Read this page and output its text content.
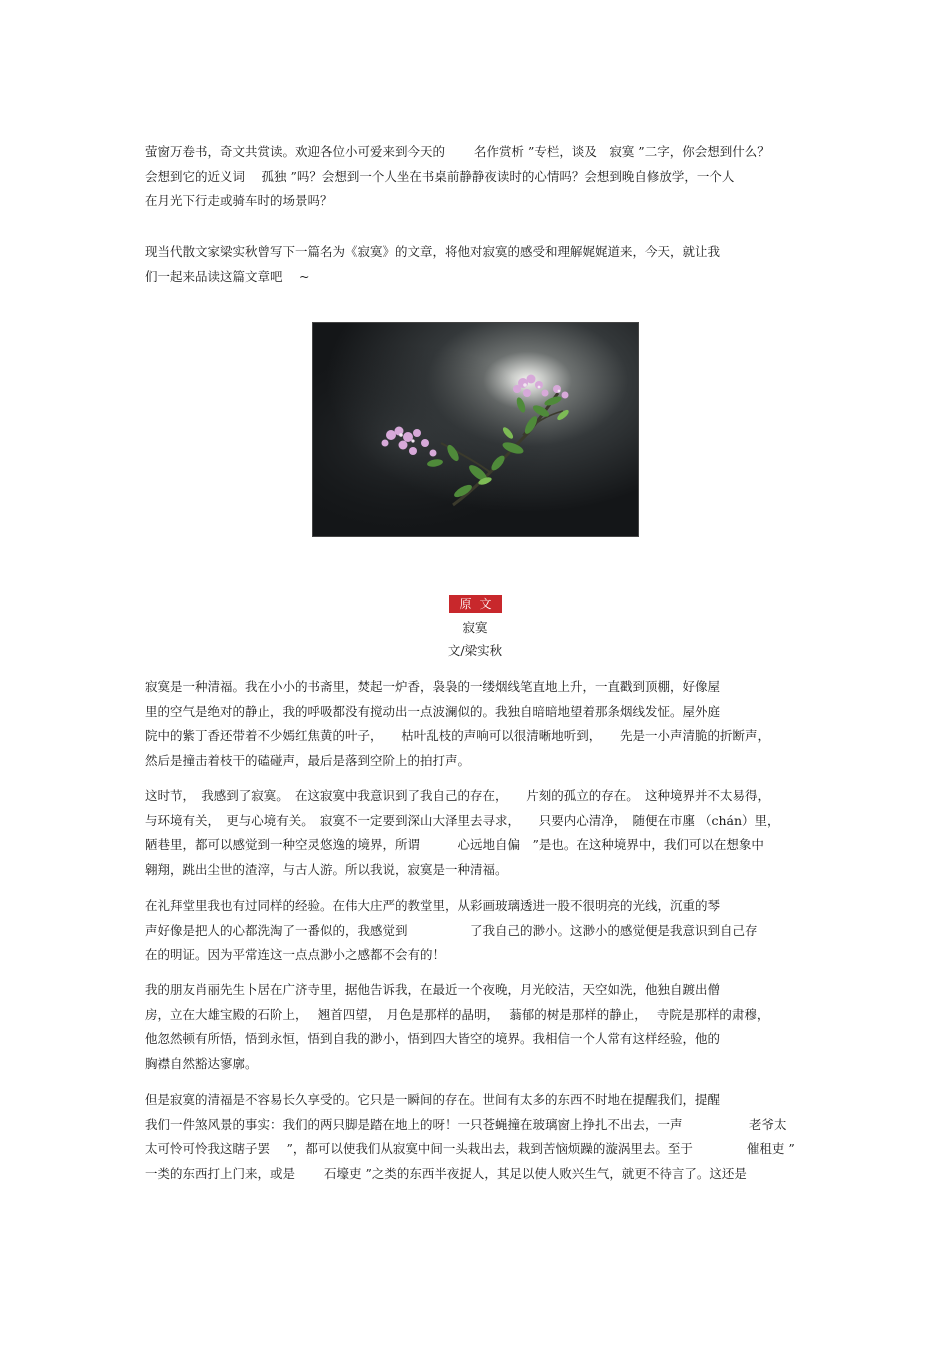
萤窗万卷书，奇文共赏读。欢迎各位小可爱来到今天的　　 名作赏析 ”专栏，谈及　寂寞 ”二字，你会想到什么？
会想到它的近义词　 孤独 ”吗？会想到一个人坐在书桌前静静夜读时的心情吗？会想到晚自修放学，一个人
在月光下行走或骑车时的场景吗？
现当代散文家梁实秋曾写下一篇名为《寂寞》的文章，将他对寂寞的感受和理解娓娓道来，今天，就让我
们一起来品读这篇文章吧　 ~
原文
寂寞
文/梁实秋
寂寞是一种清福。我在小小的书斋里，焚起一炉香，袅袅的一缕烟线笔直地上升，一直戳到顶棚，好像屋
里的空气是绝对的静止，我的呼吸都没有搅动出一点波澜似的。我独自暗暗地望着那条烟线发怔。屋外庭
院中的紫丁香还带着不少嫣红焦黄的叶子，　　枯叶乱枝的声响可以很清晰地听到，　　先是一小声清脆的折断声，
然后是撞击着枝干的磕碰声，最后是落到空阶上的拍打声。
这时节，　我感到了寂寞。　在这寂寞中我意识到了我自己的存在，　　片刻的孤立的存在。　这种境界并不太易得，
与环境有关，　更与心境有关。　寂寞不一定要到深山大泽里去寻求，　　只要内心清净，　随便在市廛 （chán）里，
陋巷里，都可以感觉到一种空灵悠逸的境界，所谓　　　心远地自偏　”是也。在这种境界中，我们可以在想象中
翱翔，跳出尘世的渣滓，与古人游。所以我说，寂寞是一种清福。
在礼拜堂里我也有过同样的经验。在伟大庄严的教堂里，从彩画玻璃透进一股不很明亮的光线，沉重的琴
声好像是把人的心都洗淘了一番似的，我感觉到　　　　　了我自己的渺小。这渺小的感觉便是我意识到自己存
在的明证。因为平常连这一点点渺小之感都不会有的！
我的朋友肖丽先生卜居在广济寺里，据他告诉我，在最近一个夜晚，月光皎洁，天空如洗，他独自踱出僧
房，立在大雄宝殿的石阶上，　 翘首四望，　月色是那样的晶明，　 蓊郁的树是那样的静止，　 寺院是那样的肃穆，
他忽然顿有所悟，悟到永恒，悟到自我的渺小，悟到四大皆空的境界。我相信一个人常有这样经验，他的
胸襟自然豁达寥廓。
但是寂寞的清福是不容易长久享受的。它只是一瞬间的存在。世间有太多的东西不时地在提醒我们，提醒
我们一件煞风景的事实：我们的两只脚是踏在地上的呀！一只苍蝇撞在玻璃窗上挣扎不出去，一声　　　　　 老爷太
太可怜可怜我这瞎子罢　 ”，都可以使我们从寂寞中间一头栽出去，栽到苦恼烦躁的漩涡里去。至于　　　　 催租吏 ”
一类的东西打上门来，或是　　 石壕吏 ”之类的东西半夜捉人，其足以使人败兴生气，就更不待言了。这还是
